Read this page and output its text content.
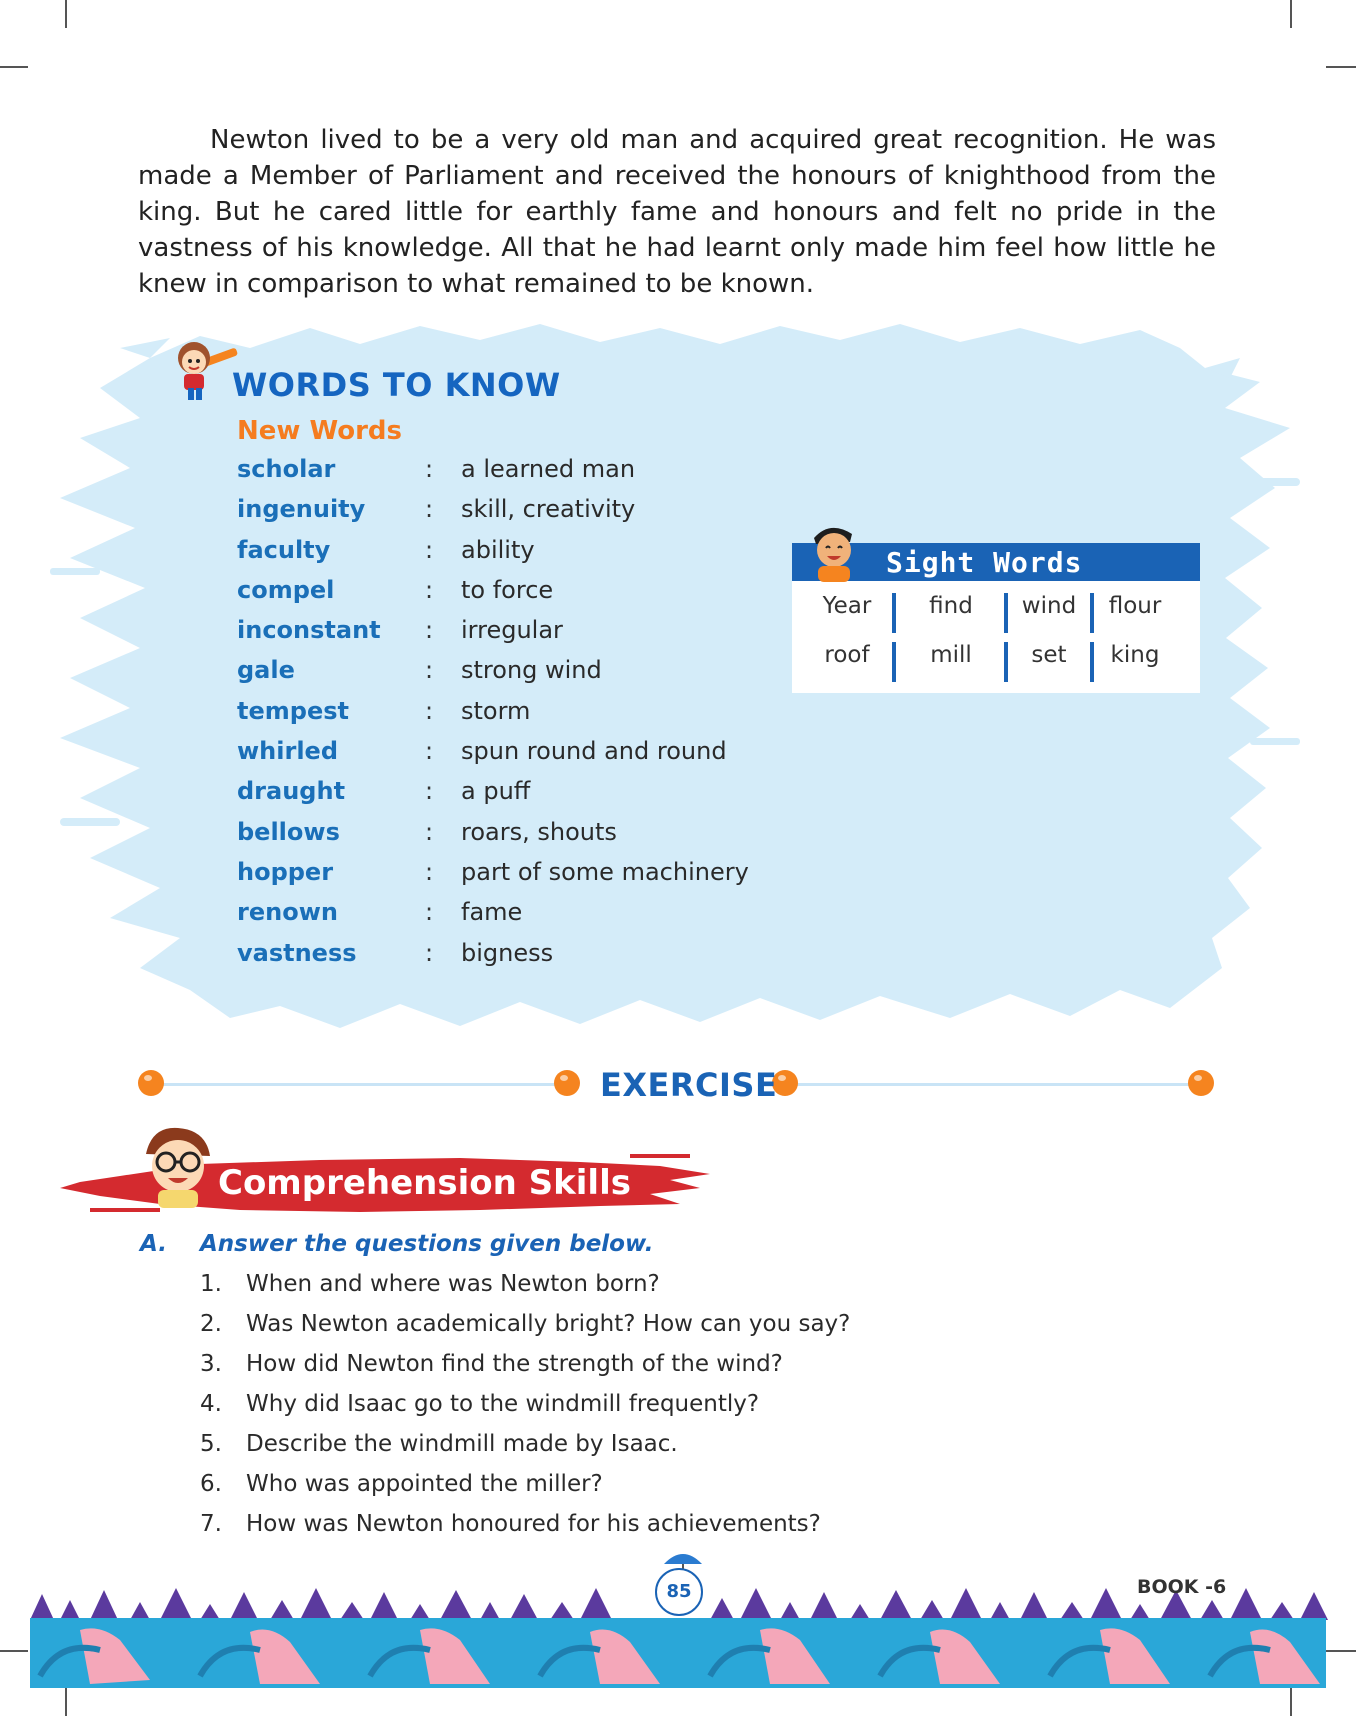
Newton lived to be a very old man and acquired great recognition. He was made a Member of Parliament and received the honours of knighthood from the king. But he cared little for earthly fame and honours and felt no pride in the vastness of his knowledge. All that he had learnt only made him feel how little he knew in comparison to what remained to be known.

WORDS TO KNOW
New Words
scholar	: a learned man
ingenuity : skill, creativity
faculty	: ability
compel	: to force
inconstant : irregular
gale	: strong wind
tempest	: storm
whirled	: spun round and round
draught	: a puff
bellows	: roars, shouts
hopper	: part of some machinery
renown	: fame
vastness	: bigness
Sight Words
Year	find	wind	flour
roof	mill	set	king
EXERCISE
Comprehension Skills
A. Answer the questions given below.
1. When and where was Newton born?
2. Was Newton academically bright? How can you say?
3. How did Newton find the strength of the wind?
4. Why did Isaac go to the windmill frequently?
5. Describe the windmill made by Isaac.
6. Who was appointed the miller?
7. How was Newton honoured for his achievements?
85	BOOK -6
